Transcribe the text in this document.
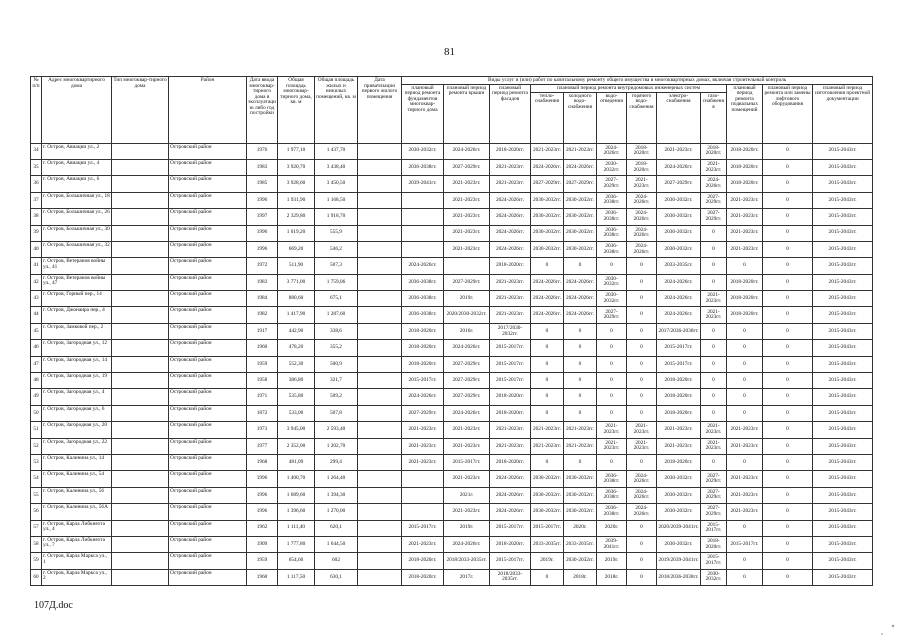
81
№ п/п	Адрес многоквартирного дома	Тип многоквар-тирного дома	Район	Дата ввода многоквар-тирного дома в эксплуатацию либо год постройки	Общая площадь многоквар-тирного дома, кв. м	Общая площадь жилых и нежилых помещений, кв. м	Дата приватизации первого жилого помещения	Виды услуг и (или) работ по капитальному ремонту общего имущества в многоквартирных домах, включая строительный контроль											
								плановый период ремонта фундаментов многоквар-тирного дома	плановый период ремонта крыши	плановый период ремонта фасадов	плановый период ремонта внутридомовых инженерных систем						плановый период ремонта подвальных помещений	плановый период ремонта или замены лифтового оборудования	плановый период изготовления проектной документации
											тепло-снабжения	холодного водо-снабжения	водо-отведения	горячего водо-снабжения	электро-снабжения	газо-снабжения			
34	г. Остров, Авиации ул., 2		Островский район	1976	1 977,10	1 437,70		2030-2032гг.	2024-2026гг.	2018-2020гг.	2021-2023гг.	2021-2023гг.	2024-2026гг.	2018-2020гг.	2021-2023гг.	2018-2020гг.	2018-2020гг.	0	2015-2043гг.
35	г. Остров, Авиации ул., 4		Островский район	1983	3 920,70	3 438,40		2036-2038гг.	2027-2029гг.	2021-2023гг.	2024-2026гг.	2024-2026гг.	2030-2032гг.	2018-2020гг.	2024-2026гг.	2021-2023гг.	2018-2020гг.	0	2015-2043гг.
36	г. Остров, Авиации ул., 6		Островский район	1985	3 928,60	3 450,50		2039-2041гг.	2021-2023гг.	2021-2023гг.	2027-2029гг.	2027-2029гг.	2027-2029гг.	2021-2023гг.	2027-2029гг.	2024-2026гг.	2018-2020гг.	0	2015-2043гг.
37	г. Остров, Большичная ул., 18		Островский район	1996	1 931,90	1 168,50			2021-2023гг.	2024-2026гг.	2030-2032гг.	2030-2032гг.	2036-2038гг.	2024-2026гг.	2030-2032гг.	2027-2029гг.	2021-2023гг.	0	2015-2043гг.
38	г. Остров, Большичная ул., 26		Островский район	1997	2 329,80	1 918,70			2021-2023гг.	2024-2026гг.	2030-2032гг.	2030-2032гг.	2036-2038гг.	2024-2026гг.	2030-2032гг.	2027-2029гг.	2021-2023гг.	0	2015-2043гг.
39	г. Остров, Большичная ул., 30		Островский район	1996	1 019,20	555,9			2021-2023гг.	2024-2026гг.	2030-2032гг.	2030-2032гг.	2036-2038гг.	2024-2026гг.	2030-2032гг.	0	2021-2023гг.	0	2015-2043гг.
40	г. Остров, Большичная ул., 32		Островский район	1996	669,20	546,2			2021-2023гг.	2024-2026гг.	2030-2032гг.	2030-2032гг.	2036-2038гг.	2024-2026гг.	2030-2032гг.	0	2021-2023гг.	0	2015-2043гг.
41	г. Остров, Ветеранов войны ул., 41		Островский район	1972	511,90	507,3		2024-2026гг.		2018-2020гг.	0	0	0	0	2033-2035гг.	0	0	0	2015-2043гг.
42	г. Остров, Ветеранов войны ул., 47		Островский район	1983	3 771,00	1 759,06		2036-2038гг.	2027-2029гг.	2021-2023гг.	2024-2026гг.	2024-2026гг.	2030-2032гг.	0	2024-2026гг.	0	2018-2020гг.	0	2015-2043гг.
43	г. Остров, Горный пер., 14		Островский район	1984	880,60	675,1		2036-2038гг.	2019г.	2021-2023гг.	2024-2026гг.	2024-2026гг.	2030-2032гг.	0	2024-2026гг.	2021-2023гг.	2018-2020гг.	0	2015-2043гг.
44	г. Остров, Джонаира пер., 4		Островский район	1982	1 417,90	1 287,60		2036-2038гг.	2020/2030-2032гг.	2021-2023гг.	2024-2026гг.	2024-2026гг.	2027-2029гг.	0	2024-2026гг.	2021-2023гг.	2018-2020гг.	0	2015-2043гг.
45	г. Остров, Замковой пер., 2		Островский район	1917	442,90	338,6		2018-2020гг.	2016г.	2017/2030-2032гг.	0	0	0	0	2017/2036-2038гг.	0	0	0	2015-2043гг.
46	г. Остров, Загородная ул., 12		Островский район	1960	478,20	355,2		2018-2020гг.	2024-2026гг.	2015-2017гг.	0	0	0	0	2015-2017гг.	0	0	0	2015-2043гг.
47	г. Остров, Загородная ул., 14		Островский район	1959	552,30	500,9		2018-2020гг.	2027-2029гг.	2015-2017гг.	0	0	0	0	2015-2017гг.	0	0	0	2015-2043гг.
48	г. Остров, Загородная ул., 19		Островский район	1958	386,80	321,7		2015-2017гг.	2027-2029гг.	2015-2017гг.	0	0	0	0	2018-2020гг.	0	0	0	2015-2043гг.
49	г. Остров, Загородная ул., 4		Островский район	1971	535,80	509,2		2024-2026гг.	2027-2029гг.	2018-2020гг.	0	0	0	0	2018-2020гг.	0	0	0	2015-2043гг.
50	г. Остров, Загородная ул., 6		Островский район	1872	533,00	507,8		2027-2029гг.	2024-2026гг.	2018-2020гг.	0	0	0	0	2018-2020гг.	0	0	0	2015-2043гг.
51	г. Остров, Загородная ул., 20		Островский район	1973	3 945,00	2 593,40		2021-2023гг.	2021-2023гг.	2021-2023гг.	2021-2023гг.	2021-2023гг.	2021-2023гг.	2021-2023гг.	2021-2023гг.	2021-2023гг.	2021-2023гг.	0	2015-2043гг.
52	г. Остров, Загородная ул., 22		Островский район	1977	2 352,00	1 202,70		2021-2023гг.	2021-2023гг.	2021-2023гг.	2021-2023гг.	2021-2023гг.	2021-2023гг.	2021-2023гг.	2021-2023гг.	2021-2023гг.	2021-2023гг.	0	2015-2043гг.
53	г. Остров, Калинина ул., 14		Островский район	1968	481,09	299,4		2021-2023гг.	2015-2017гг.	2018-2020гг.	0	0	0	0	2018-2020гг.	0	0	0	2015-2043гг.
54	г. Остров, Калинина ул., 54		Островский район	1996	1 400,70	1 264,40			2021-2023гг.	2024-2026гг.	2030-2032гг.	2030-2032гг.	2036-2038гг.	2024-2026гг.	2030-2032гг.	2027-2029гг.	2021-2023гг.	0	2015-2043гг.
55	г. Остров, Калинина ул., 56		Островский район	1996	1 689,60	1 394,30			2021г.	2024-2026гг.	2030-2032гг.	2030-2032гг.	2036-2038гг.	2024-2026гг.	2030-2032гг.	2027-2029гг.	2021-2023гг.	0	2015-2043гг.
56	г. Остров, Калинина ул., 56А		Островский район	1996	1 396,60	1 270,00			2021-2023гг.	2024-2026гг.	2030-2032гг.	2030-2032гг.	2036-2038гг.	2024-2026гг.	2030-2032гг.	2027-2029гг.	2021-2023гг.	0	2015-2043гг.
57	г. Остров, Карла Либкнехта ул., 4		Островский район	1962	1 111,40	620,1		2015-2017гг.	2019г.	2015-2017гг.	2015-2017гг.	2020г.	2020г.	0	2020/2039-2041гг.	2015-2017гг.	0	0	2015-2043гг.
58	г. Остров, Карла Либкнехта ул., 7		Островский район	1909	1 777,80	1 644,50		2021-2023гг.	2024-2026гг.	2018-2020гг.	2033-2035гг.	2033-2035гг.	2039-2041гг.	0	2030-2032гг.	2018-2020гг.	2015-2017гг.	0	2015-2043гг.
59	г. Остров, Карла Маркса ул., 1		Островский район	1959	654,60	602		2018-2020гг.	2018/2033-2035гг.	2015-2017гг.	2019г.	2030-2032гг.	2019г.	0	2019/2039-2041гг.	2015-2017гг.	0	0	2015-2043гг.
60	г. Остров, Карла Маркса ул., 2		Островский район	1960	1 117,50	630,1		2018-2020гг.	2017г.	2018/2033-2035гг.	0	2018г.	2018г.	0	2018/2036-2038гг.	2030-2032гг.	0	0	2015-2043гг.
107Д.doc
